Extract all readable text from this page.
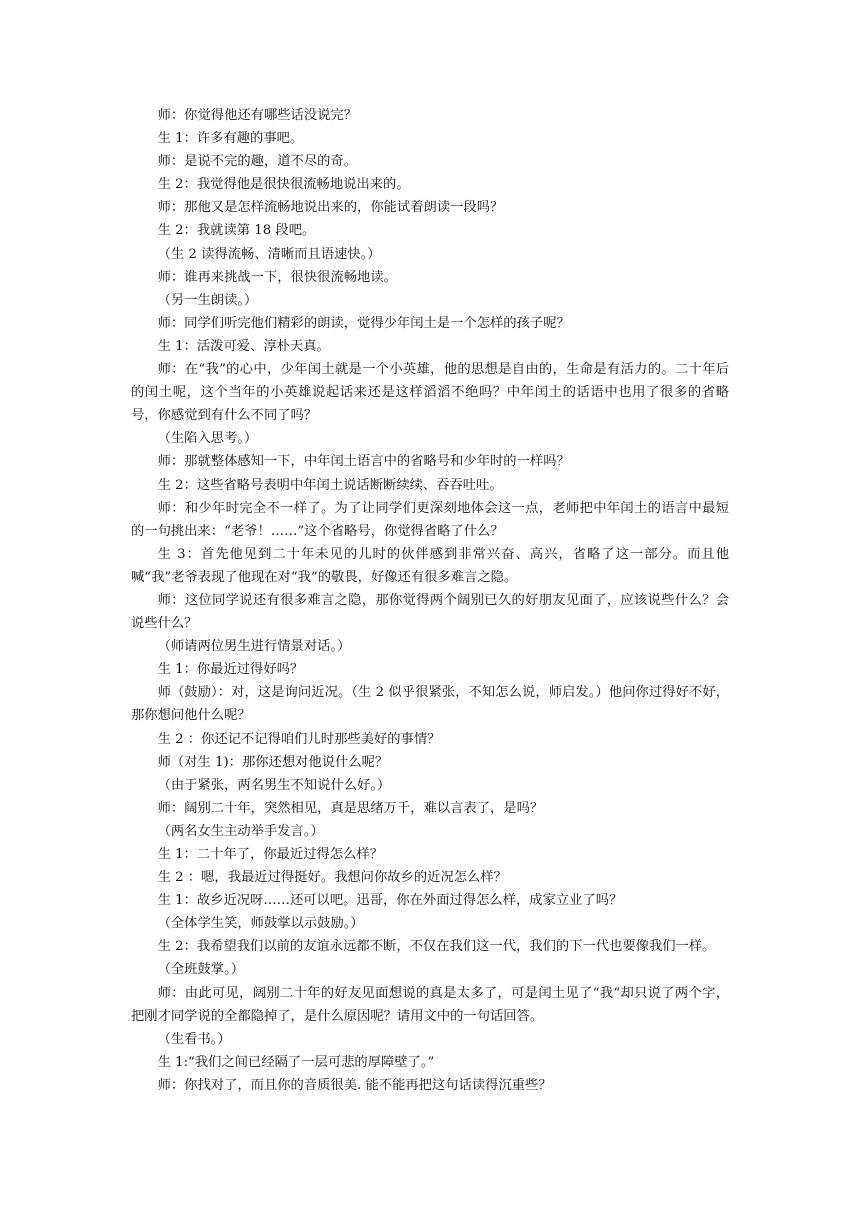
师：你觉得他还有哪些话没说完？

生 1：许多有趣的事吧。

师：是说不完的趣，道不尽的奇。

生 2：我觉得他是很快很流畅地说出来的。

师：那他又是怎样流畅地说出来的，你能试着朗读一段吗？

生 2：我就读第 18 段吧。

（生 2 读得流畅、清晰而且语速快。）

师：谁再来挑战一下，很快很流畅地读。

（另一生朗读。）

师：同学们听完他们精彩的朗读，觉得少年闰土是一个怎样的孩子呢？

生 1：活泼可爱、淳朴天真。

师：在“我”的心中，少年闰土就是一个小英雄，他的思想是自由的，生命是有活力的。二十年后的闰土呢，这个当年的小英雄说起话来还是这样滔滔不绝吗？中年闰土的话语中也用了很多的省略号，你感觉到有什么不同了吗？

（生陷入思考。）

师：那就整体感知一下，中年闰土语言中的省略号和少年时的一样吗？

生 2：这些省略号表明中年闰土说话断断续续、吞吞吐吐。

师：和少年时完全不一样了。为了让同学们更深刻地体会这一点，老师把中年闰土的语言中最短的一句挑出来：“老爷！……”这个省略号，你觉得省略了什么？

生 3：首先他见到二十年未见的儿时的伙伴感到非常兴奋、高兴，省略了这一部分。而且他喊“我”老爷表现了他现在对“我”的敬畏，好像还有很多难言之隐。

师：这位同学说还有很多难言之隐，那你觉得两个阔别已久的好朋友见面了，应该说些什么？会说些什么？

（师请两位男生进行情景对话。）

生 1：你最近过得好吗？

师（鼓励）：对，这是询问近况。（生 2 似乎很紧张，不知怎么说，师启发。）他问你过得好不好，那你想问他什么呢？

生 2 ：你还记不记得咱们儿时那些美好的事情？

师（对生 1)：那你还想对他说什么呢？

（由于紧张，两名男生不知说什么好。）

师：阔别二十年，突然相见，真是思绪万千，难以言表了，是吗？

（两名女生主动举手发言。）

生 1：二十年了，你最近过得怎么样？

生 2 ：嗯，我最近过得挺好。我想问你故乡的近况怎么样？

生 1：故乡近况呀……还可以吧。迅哥，你在外面过得怎么样，成家立业了吗？

（全体学生笑，师鼓掌以示鼓励。）

生 2：我希望我们以前的友谊永远都不断，不仅在我们这一代，我们的下一代也要像我们一样。

（全班鼓掌。）

师：由此可见，阔别二十年的好友见面想说的真是太多了，可是闰土见了“我“却只说了两个字，把刚才同学说的全都隐掉了，是什么原因呢？请用文中的一句话回答。

（生看书。）

生 1:“我们之间已经隔了一层可悲的厚障壁了。”

师：你找对了，而且你的音质很美. 能不能再把这句话读得沉重些？
